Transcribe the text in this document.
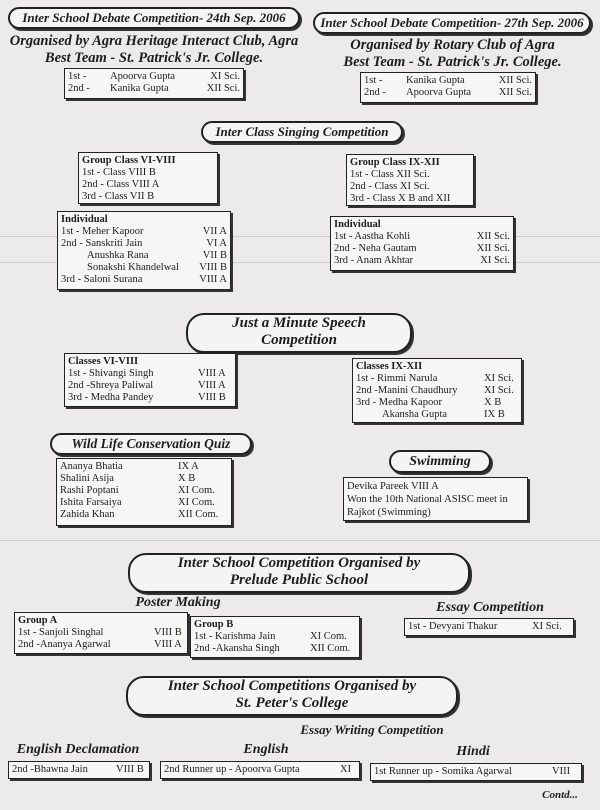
Inter School Debate Competition- 24th Sep. 2006
Organised by Agra Heritage Interact Club, Agra
Best Team - St. Patrick's Jr. College.
1st -	Apoorva Gupta	XI Sci.
2nd -	Kanika Gupta	XII Sci.
Inter School Debate Competition- 27th Sep. 2006
Organised by Rotary Club of Agra
Best Team - St. Patrick's Jr. College.
1st -	Kanika Gupta	XII Sci.
2nd -	Apoorva Gupta	XII Sci.
Inter Class Singing Competition
Group Class VI-VIII
1st - Class VIII B
2nd - Class VIII A
3rd - Class VII B
Group Class IX-XII
1st - Class XII Sci.
2nd - Class XI Sci.
3rd - Class X B and XII
Individual
1st - Meher Kapoor	VII A
2nd - Sanskriti Jain	VI A
Anushka Rana	VII B
Sonakshi Khandelwal	VIII B
3rd - Saloni Surana	VIII A
Individual
1st - Aastha Kohli	XII Sci.
2nd - Neha Gautam	XII Sci.
3rd - Anam Akhtar	XI Sci.
Just a Minute Speech
Competition
Classes VI-VIII
1st - Shivangi Singh	VIII A
2nd -Shreya Paliwal	VIII A
3rd - Medha Pandey	VIII B
Classes IX-XII
1st - Rimmi Narula	XI Sci.
2nd -Manini Chaudhury	XI Sci.
3rd - Medha Kapoor	X B
Akansha Gupta	IX B
Wild Life Conservation Quiz
Ananya Bhatia	IX A
Shalini Asija	X B
Rashi Poptani	XI Com.
Ishita Farsaiya	XI Com.
Zahida Khan	XII Com.
Swimming
Devika Pareek VIII A
Won the 10th National ASISC meet in
Rajkot (Swimming)
Inter School Competition Organised by
Prelude Public School
Poster Making
Group A
1st - Sanjoli Singhal	VIII B
2nd -Ananya Agarwal	VIII A
Group B
1st - Karishma Jain	XI Com.
2nd -Akansha Singh	XII Com.
Essay Competition
1st - Devyani Thakur	XI Sci.
Inter School Competitions Organised by
St. Peter's College
Essay Writing Competition
English Declamation
2nd -Bhawna Jain	VIII B
English
2nd Runner up - Apoorva Gupta	XI
Hindi
1st Runner up - Somika Agarwal	VIII
Contd...
